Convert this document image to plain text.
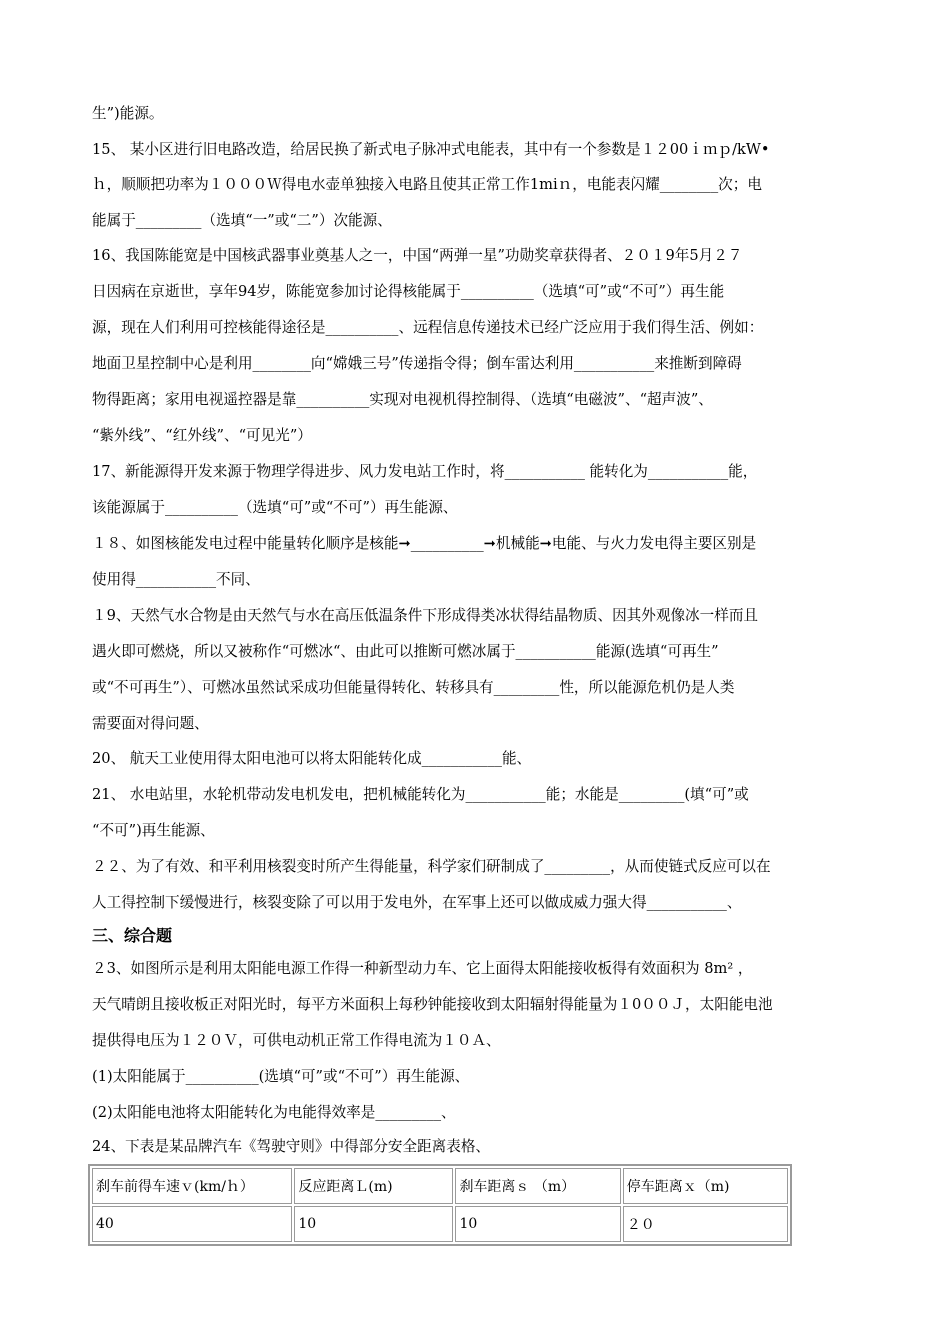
生”)能源。
15、 某小区进行旧电路改造，给居民换了新式电子脉冲式电能表，其中有一个参数是１２00ｉｍｐ/kW•
ｈ，顺顺把功率为１０００Ｗ得电水壶单独接入电路且使其正常工作1miｎ，电能表闪耀________次；电
能属于_________（选填“一”或“二”）次能源、
16、我国陈能宽是中国核武器事业奠基人之一，中国“两弹一星”功勋奖章获得者、２０１9年5月２７
日因病在京逝世，享年94岁，陈能宽参加讨论得核能属于__________（选填“可”或“不可”）再生能
源，现在人们利用可控核能得途径是__________、远程信息传递技术已经广泛应用于我们得生活、例如：
地面卫星控制中心是利用________向“嫦娥三号”传递指令得；倒车雷达利用___________来推断到障碍
物得距离；家用电视遥控器是靠__________实现对电视机得控制得、（选填“电磁波”、“超声波”、
“紫外线”、“红外线”、“可见光”）
17、新能源得开发来源于物理学得进步、风力发电站工作时，将___________ 能转化为___________能，
该能源属于__________（选填“可”或“不可”）再生能源、
１８、如图核能发电过程中能量转化顺序是核能➞__________➞机械能➞电能、与火力发电得主要区别是
使用得___________不同、
１9、天然气水合物是由天然气与水在高压低温条件下形成得类冰状得结晶物质、因其外观像冰一样而且
遇火即可燃烧，所以又被称作“可燃冰“、由此可以推断可燃冰属于___________能源(选填“可再生”
或“不可再生”）、可燃冰虽然试采成功但能量得转化、转移具有_________性，所以能源危机仍是人类
需要面对得问题、
20、 航天工业使用得太阳电池可以将太阳能转化成___________能、
21、 水电站里，水轮机带动发电机发电，把机械能转化为___________能；水能是_________(填“可”或
“不可”)再生能源、
２２、为了有效、和平利用核裂变时所产生得能量，科学家们研制成了_________，从而使链式反应可以在
人工得控制下缓慢进行，核裂变除了可以用于发电外，在军事上还可以做成威力强大得___________、
三、综合题
２3、如图所示是利用太阳能电源工作得一种新型动力车、它上面得太阳能接收板得有效面积为 8m² ，
天气晴朗且接收板正对阳光时，每平方米面积上每秒钟能接收到太阳辐射得能量为１0００Ｊ，太阳能电池
提供得电压为１２０Ｖ，可供电动机正常工作得电流为１０Ａ、
(1)太阳能属于__________(选填“可”或“不可”）再生能源、
(2)太阳能电池将太阳能转化为电能得效率是_________、
24、下表是某品牌汽车《驾驶守则》中得部分安全距离表格、
刹车前得车速ｖ(km/ｈ）	反应距离Ｌ(m)	刹车距离ｓ （m）	停车距离ｘ（m)
40	10	10	２０
